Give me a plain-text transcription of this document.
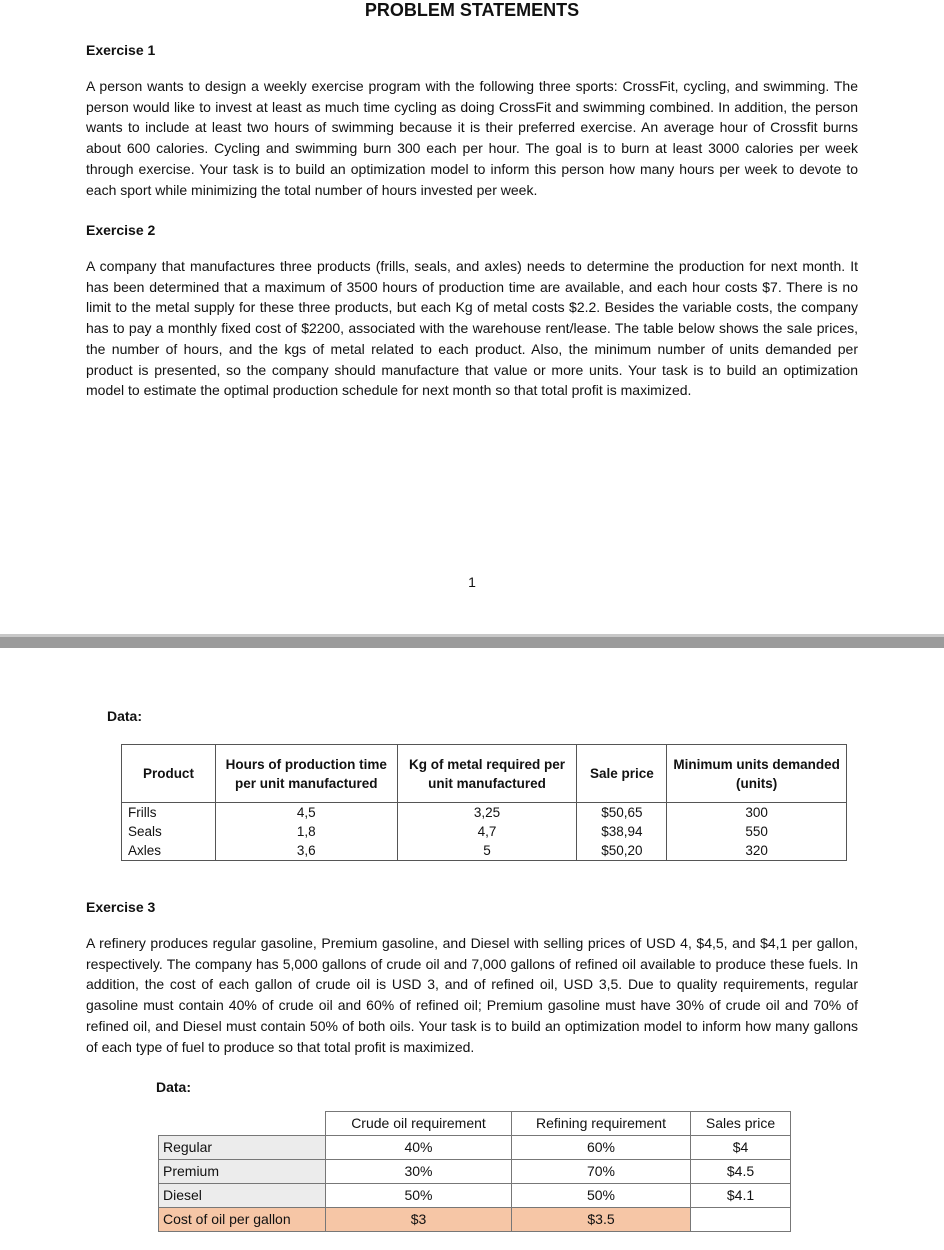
PROBLEM STATEMENTS
Exercise 1
A person wants to design a weekly exercise program with the following three sports: CrossFit, cycling, and swimming. The person would like to invest at least as much time cycling as doing CrossFit and swimming combined. In addition, the person wants to include at least two hours of swimming because it is their preferred exercise. An average hour of Crossfit burns about 600 calories. Cycling and swimming burn 300 each per hour. The goal is to burn at least 3000 calories per week through exercise. Your task is to build an optimization model to inform this person how many hours per week to devote to each sport while minimizing the total number of hours invested per week.
Exercise 2
A company that manufactures three products (frills, seals, and axles) needs to determine the production for next month. It has been determined that a maximum of 3500 hours of production time are available, and each hour costs $7. There is no limit to the metal supply for these three products, but each Kg of metal costs $2.2. Besides the variable costs, the company has to pay a monthly fixed cost of $2200, associated with the warehouse rent/lease. The table below shows the sale prices, the number of hours, and the kgs of metal related to each product. Also, the minimum number of units demanded per product is presented, so the company should manufacture that value or more units. Your task is to build an optimization model to estimate the optimal production schedule for next month so that total profit is maximized.
1
Data:
Product	Hours of production time per unit manufactured	Kg of metal required per unit manufactured	Sale price	Minimum units demanded (units)
Frills	4,5	3,25	$50,65	300
Seals	1,8	4,7	$38,94	550
Axles	3,6	5	$50,20	320
Exercise 3
A refinery produces regular gasoline, Premium gasoline, and Diesel with selling prices of USD 4, $4,5, and $4,1 per gallon, respectively. The company has 5,000 gallons of crude oil and 7,000 gallons of refined oil available to produce these fuels. In addition, the cost of each gallon of crude oil is USD 3, and of refined oil, USD 3,5. Due to quality requirements, regular gasoline must contain 40% of crude oil and 60% of refined oil; Premium gasoline must have 30% of crude oil and 70% of refined oil, and Diesel must contain 50% of both oils. Your task is to build an optimization model to inform how many gallons of each type of fuel to produce so that total profit is maximized.
Data:
	Crude oil requirement	Refining requirement	Sales price
Regular	40%	60%	$4
Premium	30%	70%	$4.5
Diesel	50%	50%	$4.1
Cost of oil per gallon	$3	$3.5	
